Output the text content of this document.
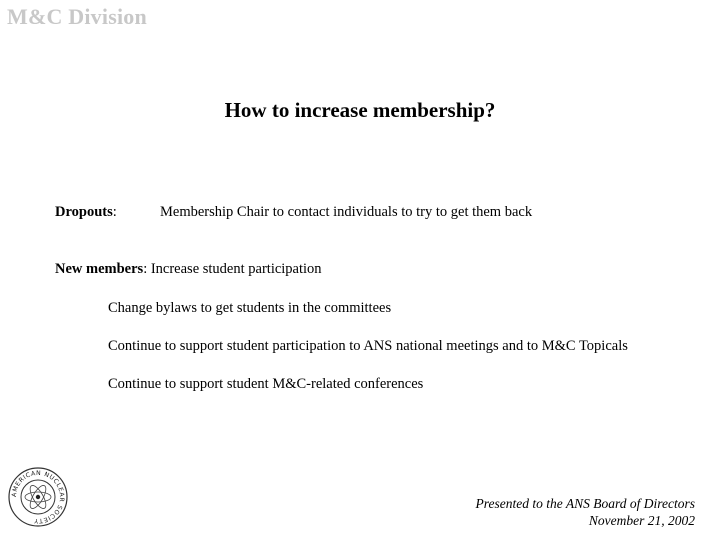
M&C Division
How to increase membership?
Dropouts:	Membership Chair to contact individuals to try to get them back
New members: Increase student participation
Change bylaws to get students in the committees
Continue to support student participation to ANS national meetings and to M&C Topicals
Continue to support student M&C-related conferences
AMERICAN NUCLEAR SOCIETY
Presented to the ANS Board of Directors
November 21, 2002
